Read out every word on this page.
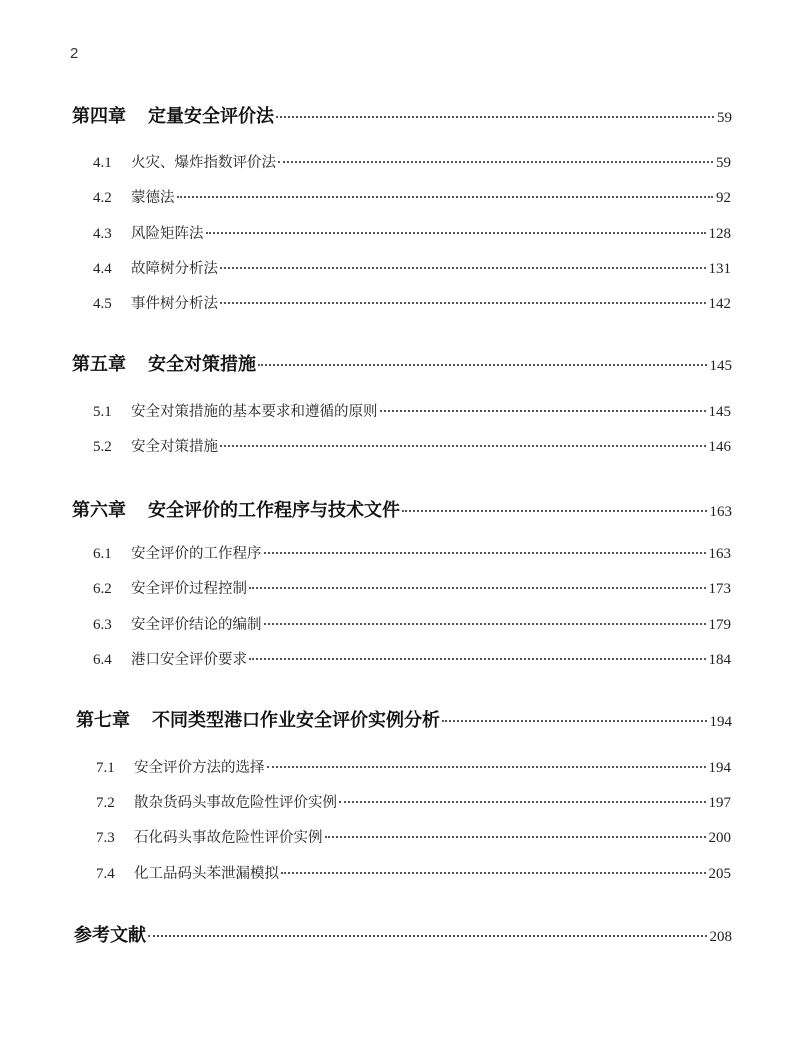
2
第四章 定量安全评价法	59
4.1	火灾、爆炸指数评价法	59
4.2	蒙德法	92
4.3	风险矩阵法	128
4.4	故障树分析法	131
4.5	事件树分析法	142
第五章 安全对策措施	145
5.1	安全对策措施的基本要求和遵循的原则	145
5.2	安全对策措施	146
第六章 安全评价的工作程序与技术文件	163
6.1	安全评价的工作程序	163
6.2	安全评价过程控制	173
6.3	安全评价结论的编制	179
6.4	港口安全评价要求	184
第七章 不同类型港口作业安全评价实例分析	194
7.1	安全评价方法的选择	194
7.2	散杂货码头事故危险性评价实例	197
7.3	石化码头事故危险性评价实例	200
7.4	化工品码头苯泄漏模拟	205
参考文献	208
